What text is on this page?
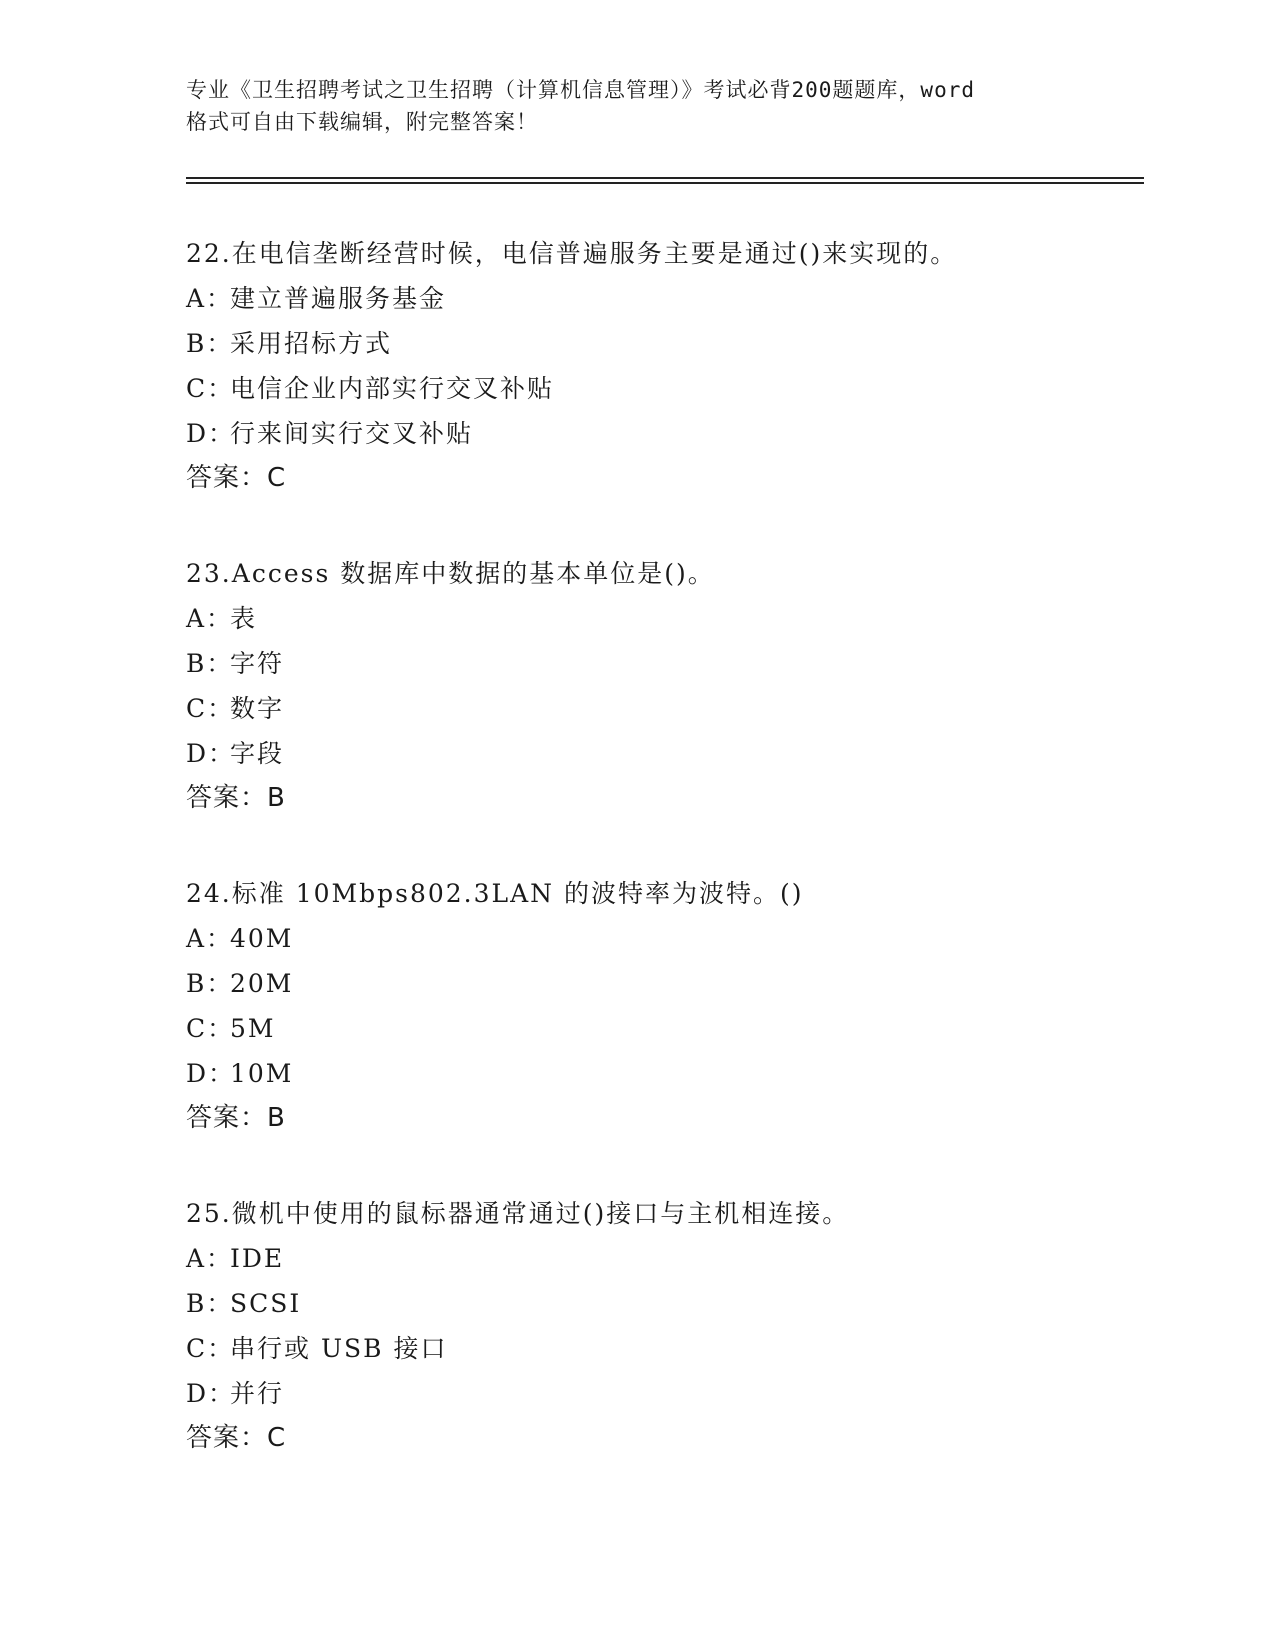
专业《卫生招聘考试之卫生招聘（计算机信息管理）》考试必背200题题库，word
格式可自由下载编辑，附完整答案！
22.在电信垄断经营时候，电信普遍服务主要是通过()来实现的。
A：建立普遍服务基金
B：采用招标方式
C：电信企业内部实行交叉补贴
D：行来间实行交叉补贴
答案：C
23.Access 数据库中数据的基本单位是()。
A：表
B：字符
C：数字
D：字段
答案：B
24.标准 10Mbps802.3LAN 的波特率为波特。()
A：40M
B：20M
C：5M
D：10M
答案：B
25.微机中使用的鼠标器通常通过()接口与主机相连接。
A：IDE
B：SCSI
C：串行或 USB 接口
D：并行
答案：C
